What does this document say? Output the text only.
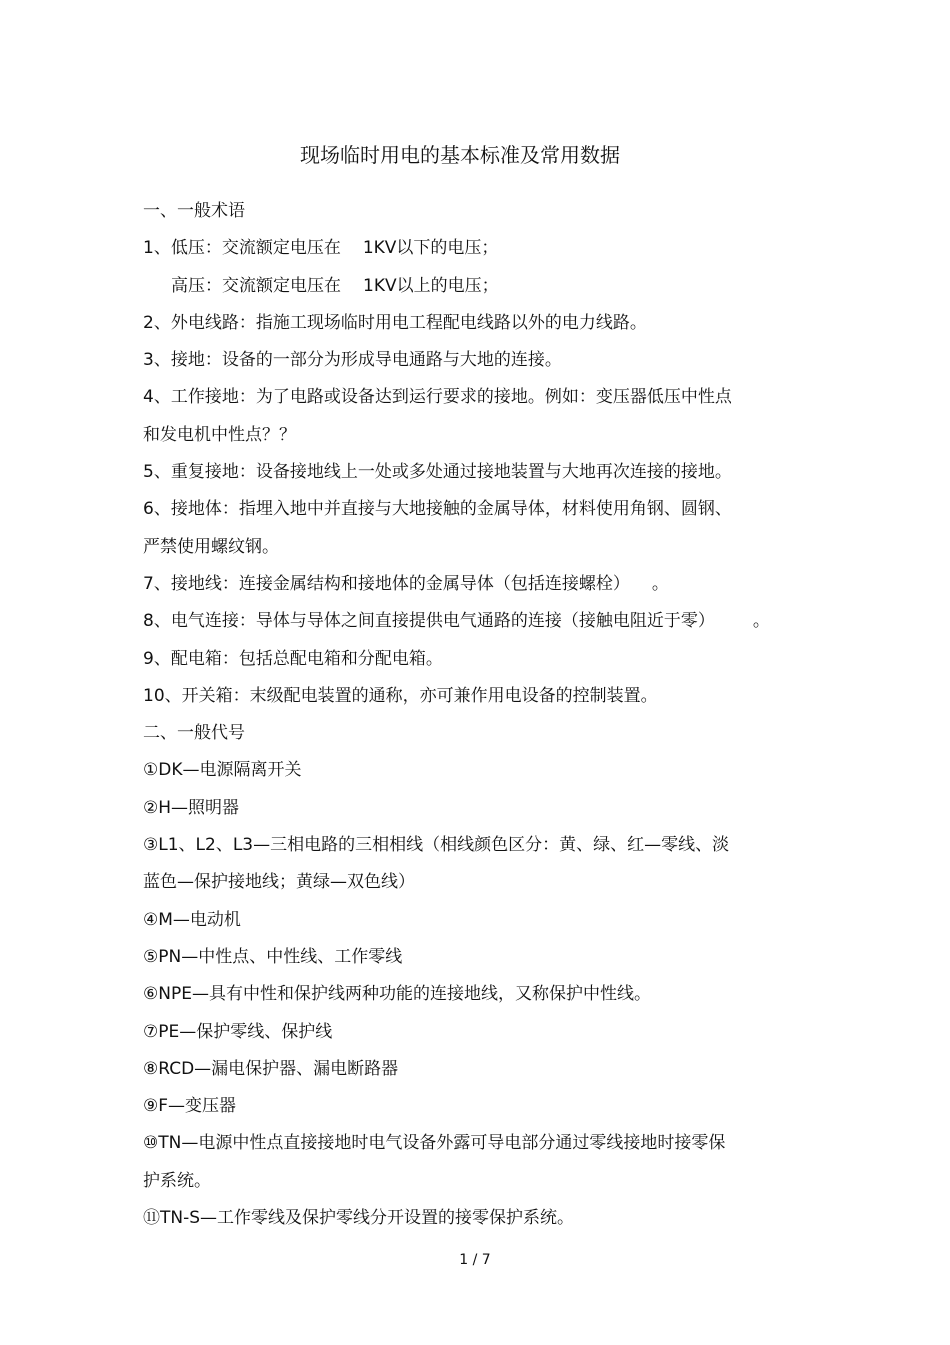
现场临时用电的基本标准及常用数据
一、一般术语
1、低压：交流额定电压在 1KV以下的电压；
高压：交流额定电压在 1KV以上的电压；
2、外电线路：指施工现场临时用电工程配电线路以外的电力线路。
3、接地：设备的一部分为形成导电通路与大地的连接。
4、工作接地：为了电路或设备达到运行要求的接地。例如：变压器低压中性点
和发电机中性点？？
5、重复接地：设备接地线上一处或多处通过接地装置与大地再次连接的接地。
6、接地体：指埋入地中并直接与大地接触的金属导体，材料使用角钢、圆钢、
严禁使用螺纹钢。
7、接地线：连接金属结构和接地体的金属导体（包括连接螺栓） 。
8、电气连接：导体与导体之间直接提供电气通路的连接（接触电阻近于零） 。
9、配电箱：包括总配电箱和分配电箱。
10、开关箱：末级配电装置的通称，亦可兼作用电设备的控制装置。
二、一般代号
①DK—电源隔离开关
②H—照明器
③L1、L2、L3—三相电路的三相相线（相线颜色区分：黄、绿、红—零线、淡
蓝色—保护接地线；黄绿—双色线）
④M—电动机
⑤PN—中性点、中性线、工作零线
⑥NPE—具有中性和保护线两种功能的连接地线，又称保护中性线。
⑦PE—保护零线、保护线
⑧RCD—漏电保护器、漏电断路器
⑨F—变压器
⑩TN—电源中性点直接接地时电气设备外露可导电部分通过零线接地时接零保
护系统。
⑪TN-S—工作零线及保护零线分开设置的接零保护系统。
1 / 7
